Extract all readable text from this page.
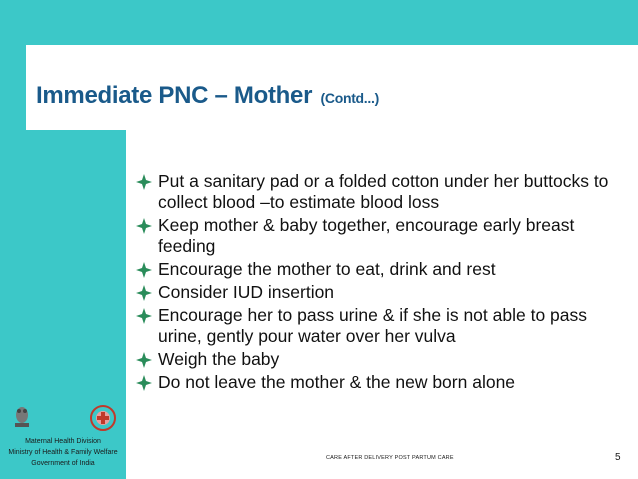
Immediate PNC – Mother (Contd...)
Put a sanitary pad or a folded cotton under her buttocks to collect blood –to estimate blood loss
Keep mother & baby together, encourage early breast feeding
Encourage the mother to eat, drink and rest
Consider IUD insertion
Encourage her to pass urine & if she is not able to pass urine, gently pour water over her vulva
Weigh the baby
Do not leave the mother & the new born alone
Maternal Health Division
Ministry of Health & Family Welfare
Government of India
CARE AFTER DELIVERY POST PARTUM CARE	5
